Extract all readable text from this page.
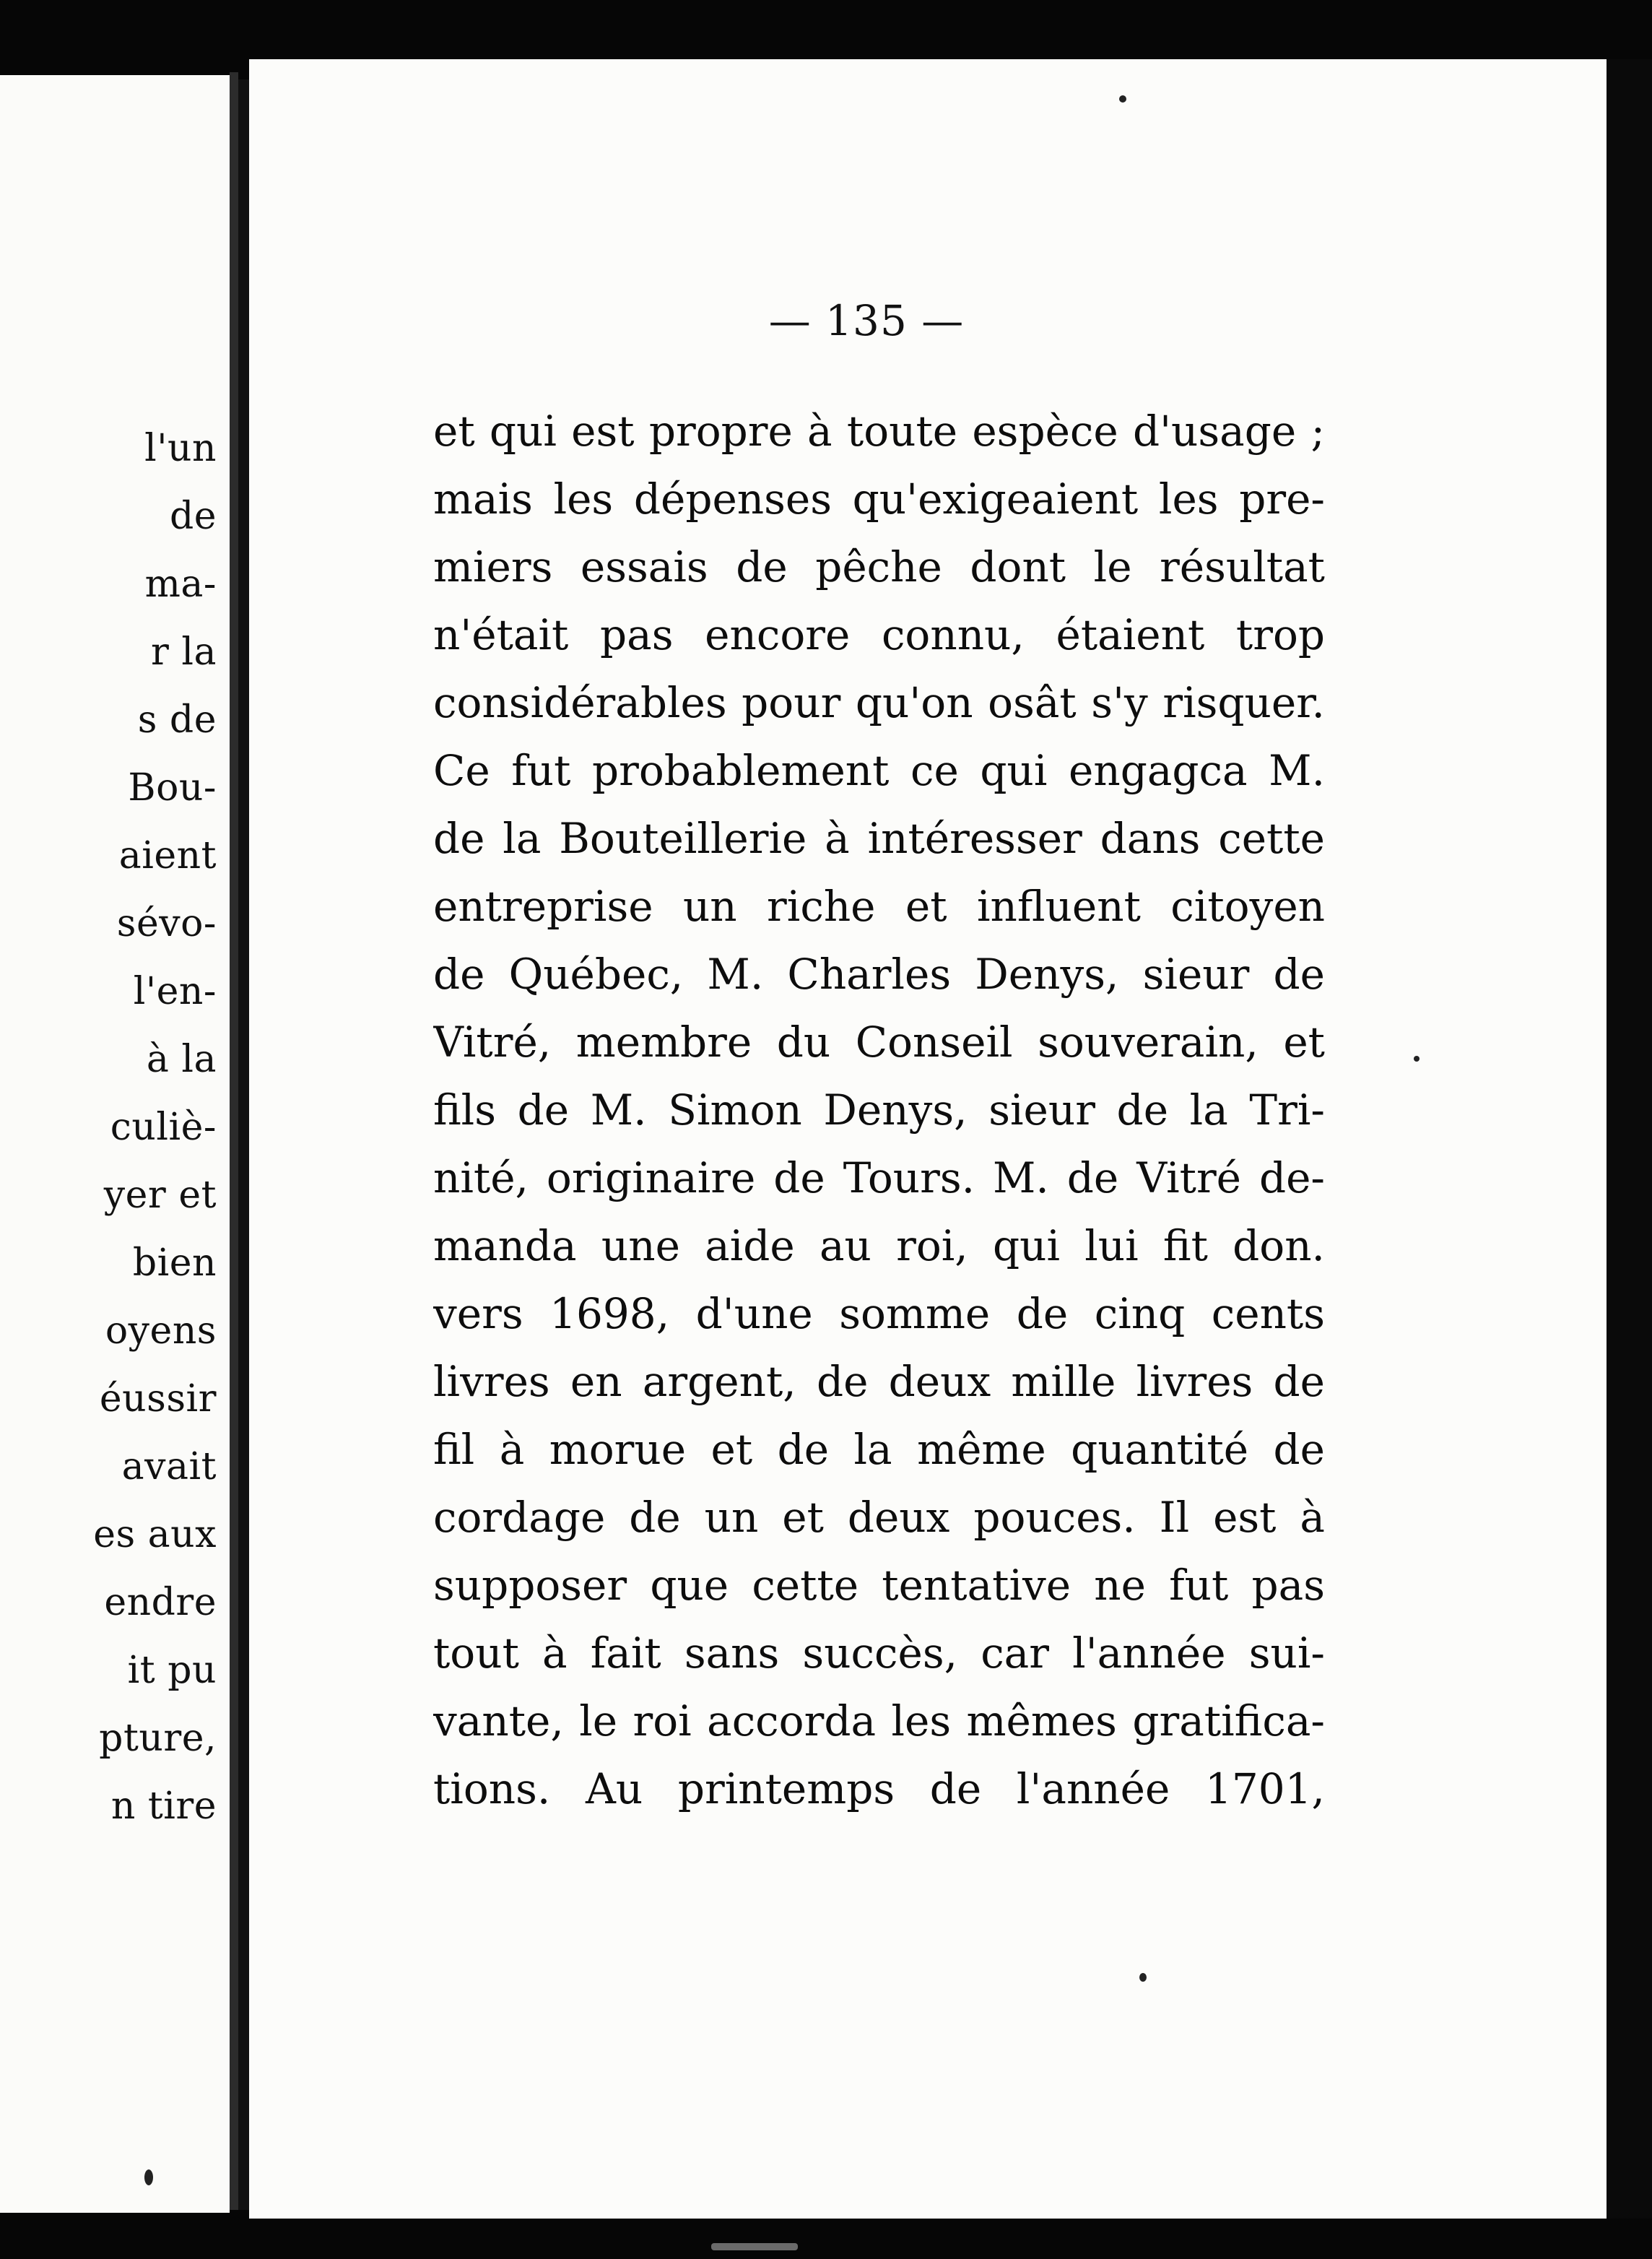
l'un
de
ma-
r la
s de
Bou-
aient
sévo-
l'en-
à la
culiè-
yer et
bien
oyens
éussir
avait
es aux
endre
it pu
pture,
n tire
— 135 —
et qui est propre à toute espèce d'usage ;
mais les dépenses qu'exigeaient les pre-
miers essais de pêche dont le résultat
n'était pas encore connu, étaient trop
considérables pour qu'on osât s'y risquer.
Ce fut probablement ce qui engagca M.
de la Bouteillerie à intéresser dans cette
entreprise un riche et influent citoyen
de Québec, M. Charles Denys, sieur de
Vitré, membre du Conseil souverain, et
fils de M. Simon Denys, sieur de la Tri-
nité, originaire de Tours. M. de Vitré de-
manda une aide au roi, qui lui fit don.
vers 1698, d'une somme de cinq cents
livres en argent, de deux mille livres de
fil à morue et de la même quantité de
cordage de un et deux pouces. Il est à
supposer que cette tentative ne fut pas
tout à fait sans succès, car l'année sui-
vante, le roi accorda les mêmes gratifica-
tions. Au printemps de l'année 1701,
